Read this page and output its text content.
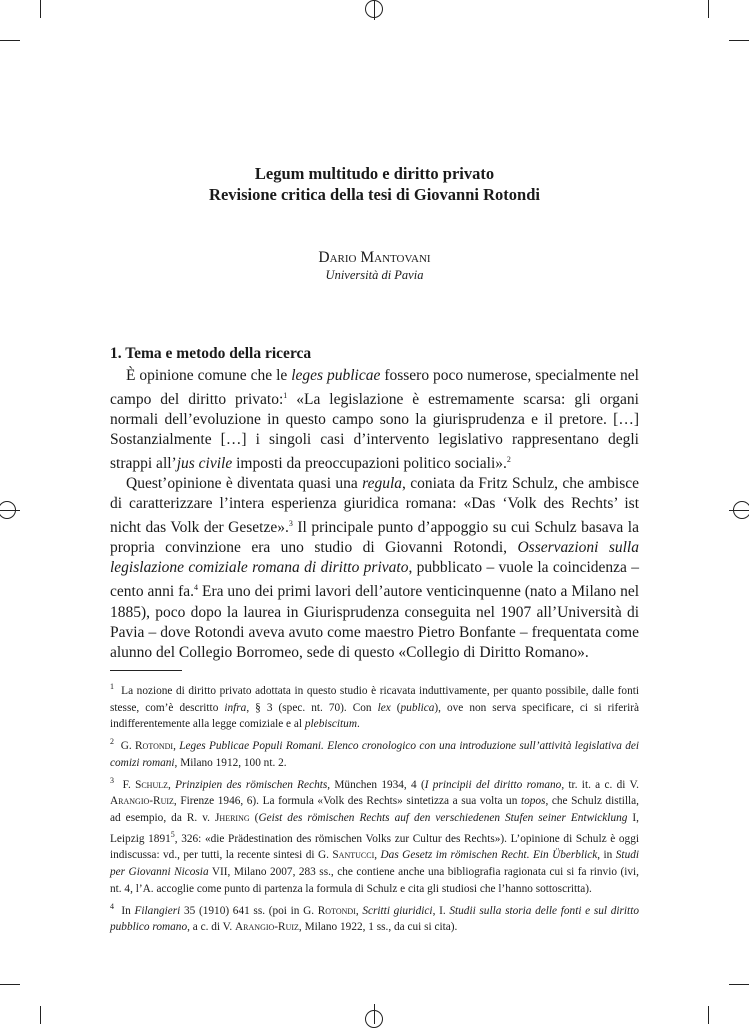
Legum multitudo e diritto privato
Revisione critica della tesi di Giovanni Rotondi
Dario Mantovani
Università di Pavia
1. Tema e metodo della ricerca

È opinione comune che le leges publicae fossero poco numerose, specialmente nel campo del diritto privato:$^1$ «La legislazione è estremamente scarsa: gli organi normali dell’evoluzione in questo campo sono la giurisprudenza e il pretore. […] Sostanzialmente […] i singoli casi d’intervento legislativo rappresentano degli strappi all’jus civile imposti da preoccupazioni politico sociali».$^2$

Quest’opinione è diventata quasi una regula, coniata da Fritz Schulz, che ambisce di caratterizzare l’intera esperienza giuridica romana: «Das ‘Volk des Rechts’ ist nicht das Volk der Gesetze».$^3$ Il principale punto d’appoggio su cui Schulz basava la propria convinzione era uno studio di Giovanni Rotondi, Osservazioni sulla legislazione comiziale romana di diritto privato, pubblicato – vuole la coincidenza – cento anni fa.$^4$ Era uno dei primi lavori dell’autore venticinquenne (nato a Milano nel 1885), poco dopo la laurea in Giurisprudenza conseguita nel 1907 all’Università di Pavia – dove Rotondi aveva avuto come maestro Pietro Bonfante – frequentata come alunno del Collegio Borromeo, sede di questo «Collegio di Diritto Romano».

$^1$ La nozione di diritto privato adottata in questo studio è ricavata induttivamente, per quanto possibile, dalle fonti stesse, com’è descritto infra, § 3 (spec. nt. 70). Con lex (publica), ove non serva specificare, ci si riferirà indifferentemente alla legge comiziale e al plebiscitum.

$^2$ G. Rotondi, Leges Publicae Populi Romani. Elenco cronologico con una introduzione sull’attività legislativa dei comizi romani, Milano 1912, 100 nt. 2.

$^3$ F. Schulz, Prinzipien des römischen Rechts, München 1934, 4 (I principii del diritto romano, tr. it. a c. di V. Arangio-Ruiz, Firenze 1946, 6). La formula «Volk des Rechts» sintetizza a sua volta un topos, che Schulz distilla, ad esempio, da R. v. Jhering (Geist des römischen Rechts auf den verschiedenen Stufen seiner Entwicklung I, Leipzig 1891$^5$, 326: «die Prädestination des römischen Volks zur Cultur des Rechts»). L’opinione di Schulz è oggi indiscussa: vd., per tutti, la recente sintesi di G. Santucci, Das Gesetz im römischen Recht. Ein Überblick, in Studi per Giovanni Nicosia VII, Milano 2007, 283 ss., che contiene anche una bibliografia ragionata cui si fa rinvio (ivi, nt. 4, l’A. accoglie come punto di partenza la formula di Schulz e cita gli studiosi che l’hanno sottoscritta).

$^4$ In Filangieri 35 (1910) 641 ss. (poi in G. Rotondi, Scritti giuridici, I. Studii sulla storia delle fonti e sul diritto pubblico romano, a c. di V. Arangio-Ruiz, Milano 1922, 1 ss., da cui si cita).
